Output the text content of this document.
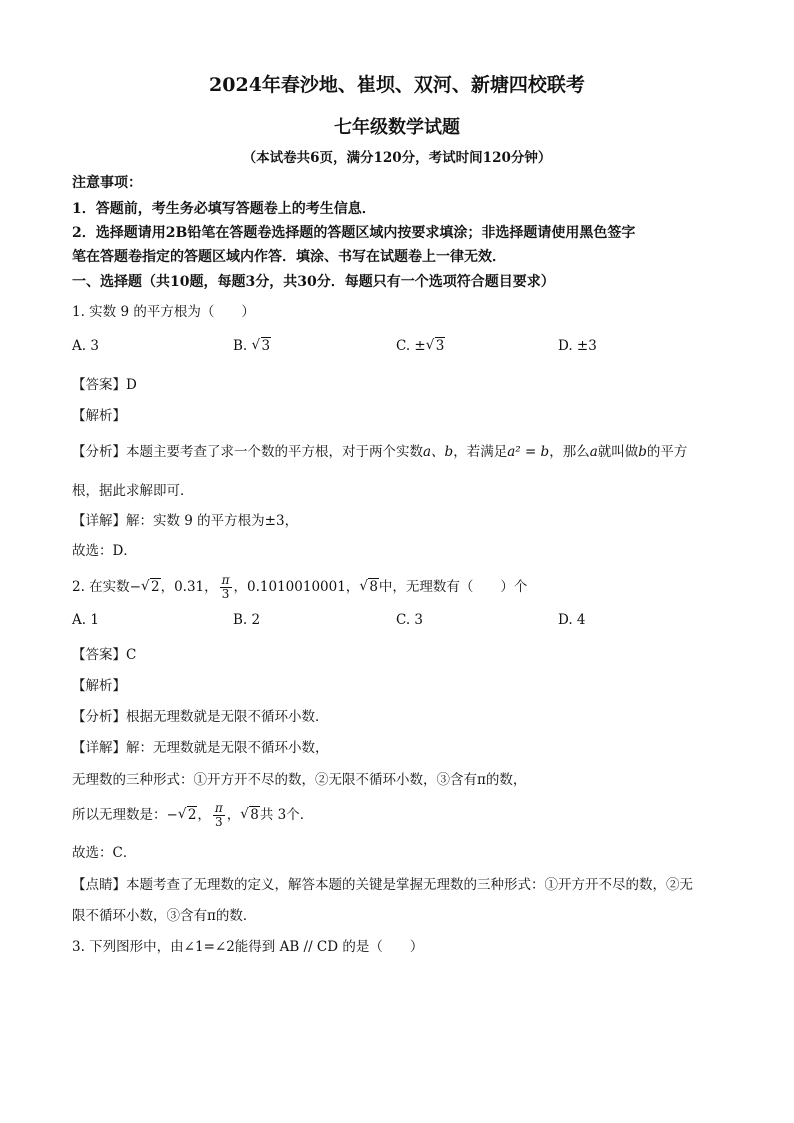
2024年春沙地、崔坝、双河、新塘四校联考
七年级数学试题
（本试卷共6页，满分120分，考试时间120分钟）
注意事项：
1．答题前，考生务必填写答题卷上的考生信息．
2．选择题请用2B铅笔在答题卷选择题的答题区域内按要求填涂；非选择题请使用黑色签字
笔在答题卷指定的答题区域内作答．填涂、书写在试题卷上一律无效．
一、选择题（共10题，每题3分，共30分．每题只有一个选项符合题目要求）
1. 实数 9 的平方根为（　　）
A. 3	B. √ 3	C. ± √ 3	D. ±3
【答案】D
【解析】
【分析】本题主要考查了求一个数的平方根，对于两个实数a、b，若满足a² = b，那么a就叫做b的平方
根，据此求解即可．
【详解】解：实数 9 的平方根为±3，
故选：D．
2. 在实数− √ 2，0.31， $\frac{\pi}{3}$ ，0.1010010001， √ 8中，无理数有（　　）个
A. 1	B. 2	C. 3	D. 4
【答案】C
【解析】
【分析】根据无理数就是无限不循环小数．
【详解】解：无理数就是无限不循环小数，
无理数的三种形式：①开方开不尽的数，②无限不循环小数，③含有π的数，
所以无理数是：− √ 2， $\frac{\pi}{3}$ ， √ 8共 3个．
故选：C．
【点睛】本题考查了无理数的定义，解答本题的关键是掌握无理数的三种形式：①开方开不尽的数，②无
限不循环小数，③含有π的数．
3. 下列图形中，由∠1=∠2能得到 AB // CD 的是（　　）
